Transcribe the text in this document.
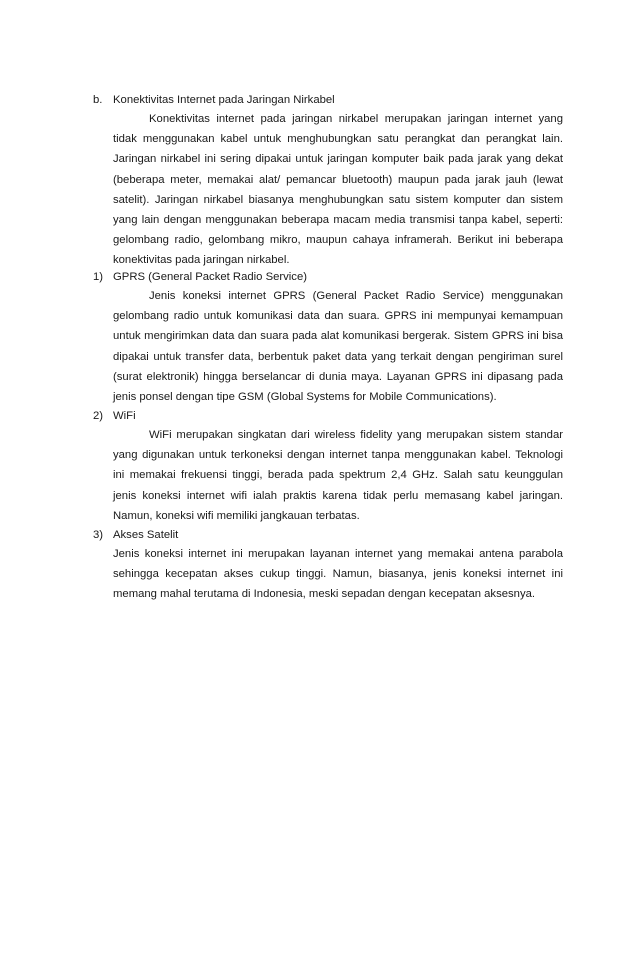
b. Konektivitas Internet pada Jaringan Nirkabel
Konektivitas internet pada jaringan nirkabel merupakan jaringan internet yang tidak menggunakan kabel untuk menghubungkan satu perangkat dan perangkat lain. Jaringan nirkabel ini sering dipakai untuk jaringan komputer baik pada jarak yang dekat (beberapa meter, memakai alat/ pemancar bluetooth) maupun pada jarak jauh (lewat satelit). Jaringan nirkabel biasanya menghubungkan satu sistem komputer dan sistem yang lain dengan menggunakan beberapa macam media transmisi tanpa kabel, seperti: gelombang radio, gelombang mikro, maupun cahaya inframerah. Berikut ini beberapa konektivitas pada jaringan nirkabel.
1) GPRS (General Packet Radio Service)
Jenis koneksi internet GPRS (General Packet Radio Service) menggunakan gelombang radio untuk komunikasi data dan suara. GPRS ini mempunyai kemampuan untuk mengirimkan data dan suara pada alat komunikasi bergerak. Sistem GPRS ini bisa dipakai untuk transfer data, berbentuk paket data yang terkait dengan pengiriman surel (surat elektronik) hingga berselancar di dunia maya. Layanan GPRS ini dipasang pada jenis ponsel dengan tipe GSM (Global Systems for Mobile Communications).
2) WiFi
WiFi merupakan singkatan dari wireless fidelity yang merupakan sistem standar yang digunakan untuk terkoneksi dengan internet tanpa menggunakan kabel. Teknologi ini memakai frekuensi tinggi, berada pada spektrum 2,4 GHz. Salah satu keunggulan jenis koneksi internet wifi ialah praktis karena tidak perlu memasang kabel jaringan. Namun, koneksi wifi memiliki jangkauan terbatas.
3) Akses Satelit
Jenis koneksi internet ini merupakan layanan internet yang memakai antena parabola sehingga kecepatan akses cukup tinggi. Namun, biasanya, jenis koneksi internet ini memang mahal terutama di Indonesia, meski sepadan dengan kecepatan aksesnya.
